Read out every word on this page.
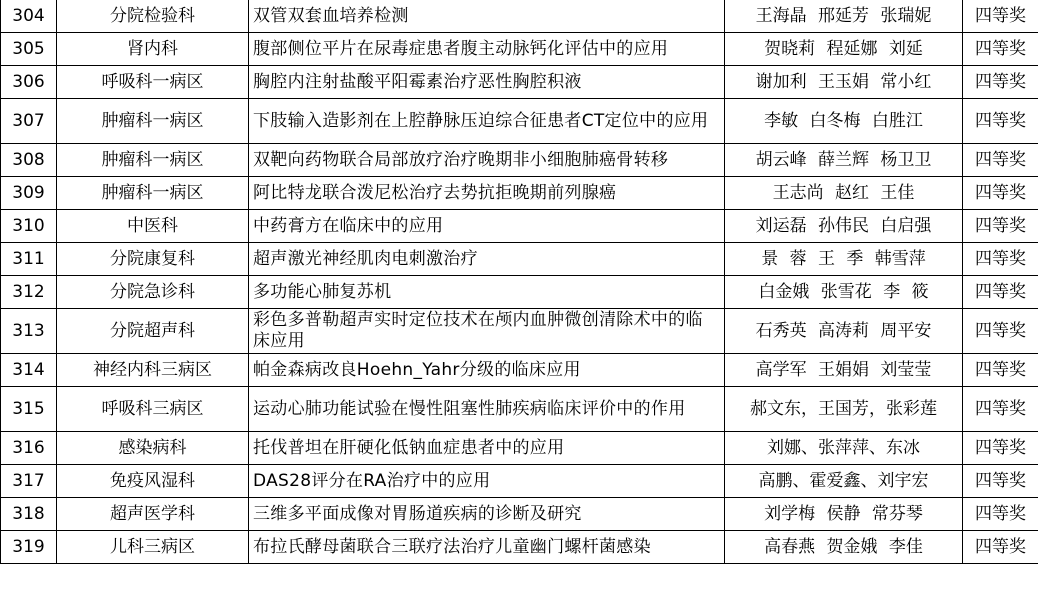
304	分院检验科	双管双套血培养检测	王海晶 邢延芳 张瑞妮	四等奖
305	肾内科	腹部侧位平片在尿毒症患者腹主动脉钙化评估中的应用	贺晓莉 程延娜 刘延	四等奖
306	呼吸科一病区	胸腔内注射盐酸平阳霉素治疗恶性胸腔积液	谢加利 王玉娟 常小红	四等奖
307	肿瘤科一病区	下肢输入造影剂在上腔静脉压迫综合征患者CT定位中的应用	李敏 白冬梅 白胜江	四等奖
308	肿瘤科一病区	双靶向药物联合局部放疗治疗晚期非小细胞肺癌骨转移	胡云峰 薛兰辉 杨卫卫	四等奖
309	肿瘤科一病区	阿比特龙联合泼尼松治疗去势抗拒晚期前列腺癌	王志尚 赵红 王佳	四等奖
310	中医科	中药膏方在临床中的应用	刘运磊 孙伟民 白启强	四等奖
311	分院康复科	超声激光神经肌肉电刺激治疗	景 蓉 王 季 韩雪萍	四等奖
312	分院急诊科	多功能心肺复苏机	白金娥 张雪花 李 筱	四等奖
313	分院超声科	彩色多普勒超声实时定位技术在颅内血肿微创清除术中的临床应用	石秀英 高涛莉 周平安	四等奖
314	神经内科三病区	帕金森病改良Hoehn_Yahr分级的临床应用	高学军 王娟娟 刘莹莹	四等奖
315	呼吸科三病区	运动心肺功能试验在慢性阻塞性肺疾病临床评价中的作用	郝文东，王国芳，张彩莲	四等奖
316	感染病科	托伐普坦在肝硬化低钠血症患者中的应用	刘娜、张萍萍、东冰	四等奖
317	免疫风湿科	DAS28评分在RA治疗中的应用	高鹏、霍爱鑫、刘宇宏	四等奖
318	超声医学科	三维多平面成像对胃肠道疾病的诊断及研究	刘学梅 侯静 常芬琴	四等奖
319	儿科三病区	布拉氏酵母菌联合三联疗法治疗儿童幽门螺杆菌感染	高春燕 贺金娥 李佳	四等奖
